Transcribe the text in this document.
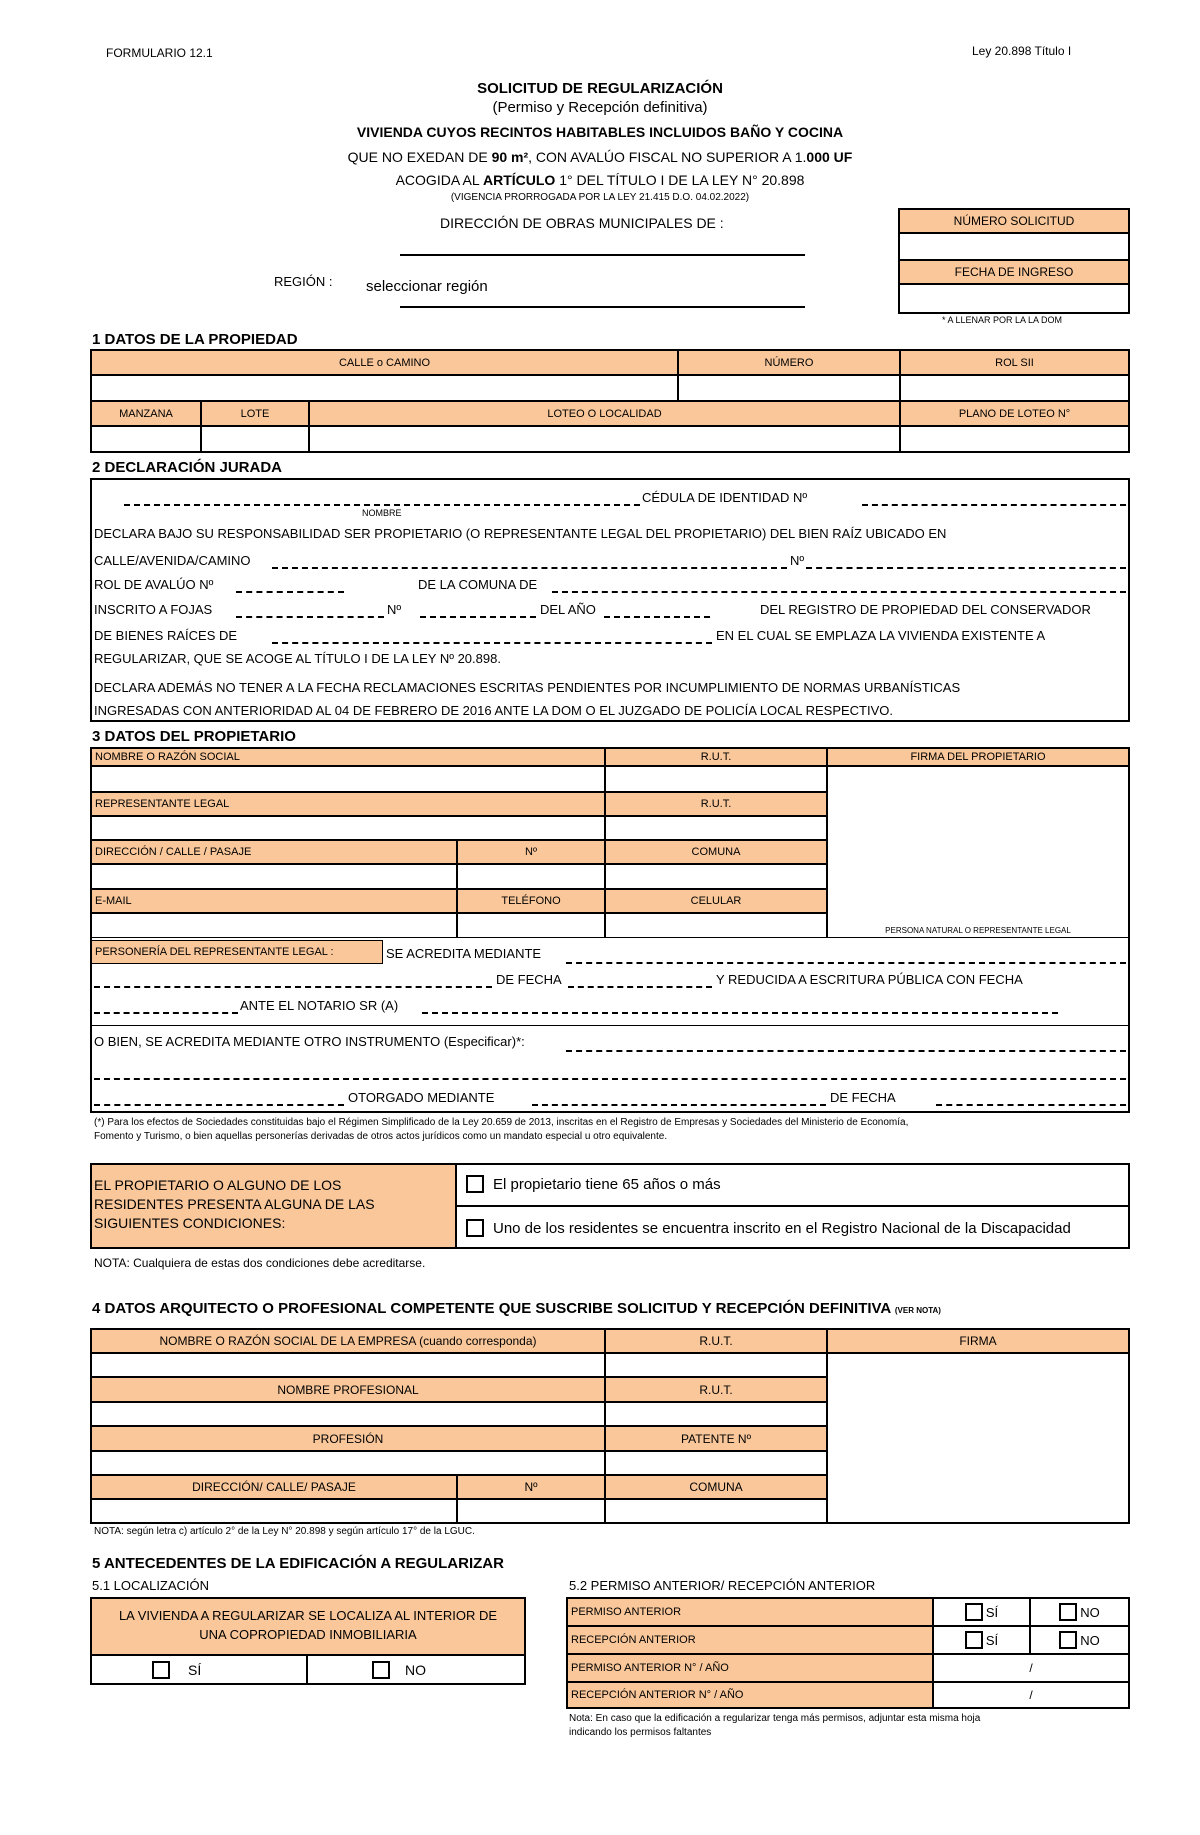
FORMULARIO 12.1	Ley 20.898 Título I
SOLICITUD DE REGULARIZACIÓN
(Permiso y Recepción definitiva)
VIVIENDA CUYOS RECINTOS HABITABLES INCLUIDOS BAÑO Y COCINA
QUE NO EXEDAN DE 90 m², CON AVALÚO FISCAL NO SUPERIOR A 1.000 UF
ACOGIDA AL ARTÍCULO 1° DEL TÍTULO I DE LA LEY N° 20.898
(VIGENCIA PRORROGADA POR LA LEY 21.415 D.O. 04.02.2022)
DIRECCIÓN DE OBRAS MUNICIPALES DE :
REGIÓN : seleccionar región
NÚMERO SOLICITUD
FECHA DE INGRESO
* A LLENAR POR LA LA DOM
1 DATOS DE LA PROPIEDAD
CALLE o CAMINO	NÚMERO	ROL SII
MANZANA	LOTE	LOTEO O LOCALIDAD	PLANO DE LOTEO N°
2 DECLARACIÓN JURADA
CÉDULA DE IDENTIDAD Nº
NOMBRE
DECLARA BAJO SU RESPONSABILIDAD SER PROPIETARIO (O REPRESENTANTE LEGAL DEL PROPIETARIO) DEL BIEN RAÍZ UBICADO EN
CALLE/AVENIDA/CAMINO	Nº
ROL DE AVALÚO Nº	DE LA COMUNA DE
INSCRITO A FOJAS	Nº	DEL AÑO	DEL REGISTRO DE PROPIEDAD DEL CONSERVADOR
DE BIENES RAÍCES DE	EN EL CUAL SE EMPLAZA LA VIVIENDA EXISTENTE A
REGULARIZAR, QUE SE ACOGE AL TÍTULO I DE LA LEY Nº 20.898.
DECLARA ADEMÁS NO TENER A LA FECHA RECLAMACIONES ESCRITAS PENDIENTES POR INCUMPLIMIENTO DE NORMAS URBANÍSTICAS
INGRESADAS CON ANTERIORIDAD AL 04 DE FEBRERO DE 2016 ANTE LA DOM O EL JUZGADO DE POLICÍA LOCAL RESPECTIVO.
3 DATOS DEL PROPIETARIO
NOMBRE O RAZÓN SOCIAL	R.U.T.	FIRMA DEL PROPIETARIO
PERSONA NATURAL O REPRESENTANTE LEGAL
REPRESENTANTE LEGAL	R.U.T.
DIRECCIÓN / CALLE / PASAJE	Nº	COMUNA
E-MAIL	TELÉFONO	CELULAR
PERSONERÍA DEL REPRESENTANTE LEGAL :	SE ACREDITA MEDIANTE
DE FECHA	Y REDUCIDA A ESCRITURA PÚBLICA CON FECHA
ANTE EL NOTARIO SR (A)
O BIEN, SE ACREDITA MEDIANTE OTRO INSTRUMENTO (Especificar)*:
OTORGADO MEDIANTE	DE FECHA
(*) Para los efectos de Sociedades constituidas bajo el Régimen Simplificado de la Ley 20.659 de 2013, inscritas en el Registro de Empresas y Sociedades del Ministerio de Economía,
Fomento y Turismo, o bien aquellas personerías derivadas de otros actos jurídicos como un mandato especial u otro equivalente.
EL PROPIETARIO O ALGUNO DE LOS
RESIDENTES PRESENTA ALGUNA DE LAS
SIGUIENTES CONDICIONES:
El propietario tiene 65 años o más
Uno de los residentes se encuentra inscrito en el Registro Nacional de la Discapacidad
NOTA: Cualquiera de estas dos condiciones debe acreditarse.
4 DATOS ARQUITECTO O PROFESIONAL COMPETENTE QUE SUSCRIBE SOLICITUD Y RECEPCIÓN DEFINITIVA (VER NOTA)
NOMBRE O RAZÓN SOCIAL DE LA EMPRESA (cuando corresponda)	R.U.T.	FIRMA
NOMBRE PROFESIONAL	R.U.T.
PROFESIÓN	PATENTE Nº
DIRECCIÓN/ CALLE/ PASAJE	Nº	COMUNA
NOTA: según letra c) artículo 2° de la Ley N° 20.898 y según artículo 17° de la LGUC.
5 ANTECEDENTES DE LA EDIFICACIÓN A REGULARIZAR
5.1 LOCALIZACIÓN	5.2 PERMISO ANTERIOR/ RECEPCIÓN ANTERIOR
LA VIVIENDA A REGULARIZAR SE LOCALIZA AL INTERIOR DE
UNA COPROPIEDAD INMOBILIARIA
SÍ	NO
PERMISO ANTERIOR	SÍ	NO
RECEPCIÓN ANTERIOR	SÍ	NO
PERMISO ANTERIOR N° / AÑO	/
RECEPCIÓN ANTERIOR N° / AÑO	/
Nota: En caso que la edificación a regularizar tenga más permisos, adjuntar esta misma hoja
indicando los permisos faltantes
